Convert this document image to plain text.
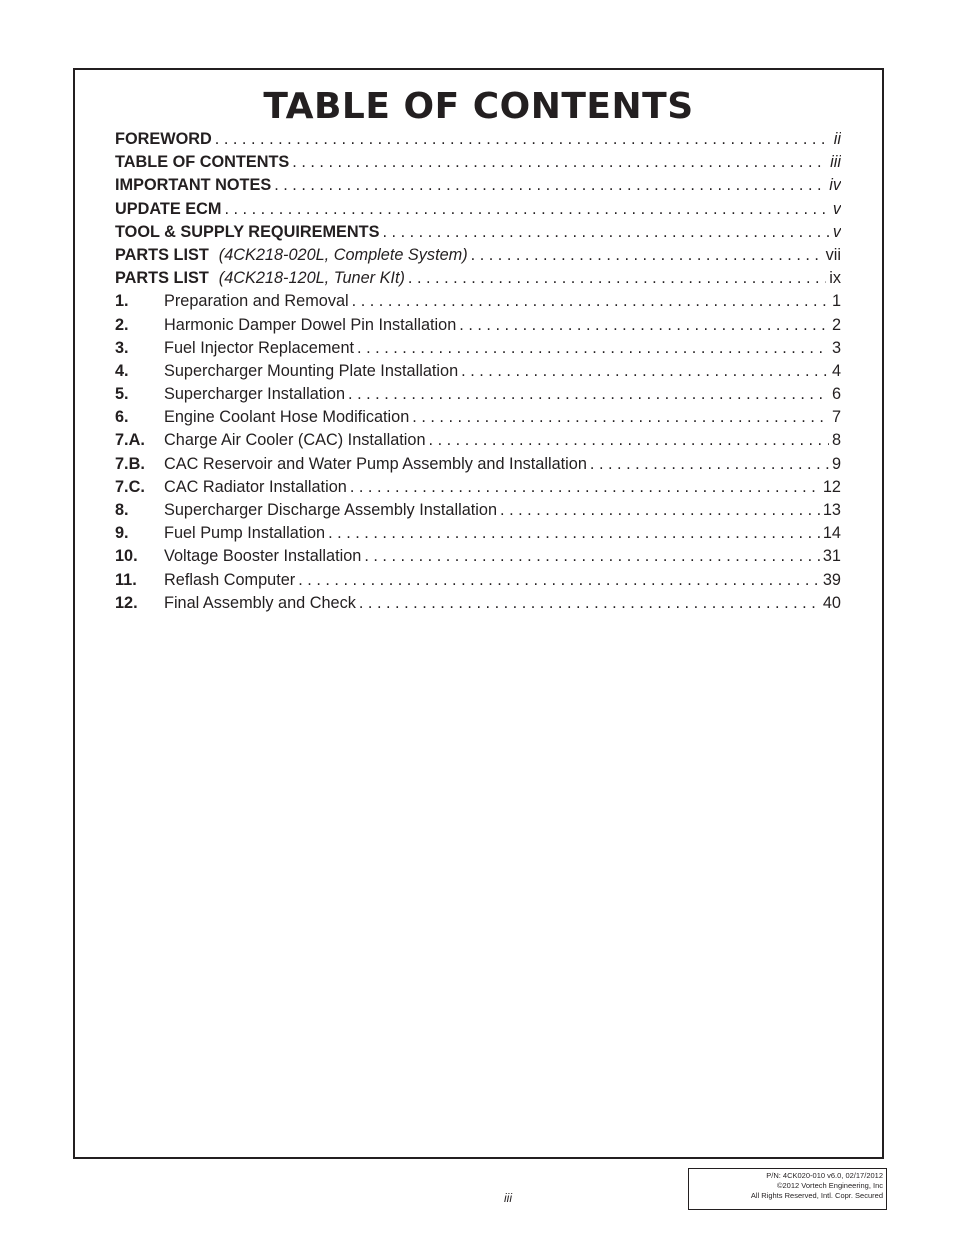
TABLE OF CONTENTS
FOREWORD . . .	ii
TABLE OF CONTENTS . . .	iii
IMPORTANT NOTES . . .	iv
UPDATE ECM . . .	v
TOOL & SUPPLY REQUIREMENTS . . .	v
PARTS LIST (4CK218-020L, Complete System) . . .	vii
PARTS LIST (4CK218-120L, Tuner KIt) . . .	ix
1.	Preparation and Removal . . .	1
2.	Harmonic Damper Dowel Pin Installation . . .	2
3.	Fuel Injector Replacement . . .	3
4.	Supercharger Mounting Plate Installation . . .	4
5.	Supercharger Installation . . .	6
6.	Engine Coolant Hose Modification . . .	7
7.A.	Charge Air Cooler (CAC) Installation . . .	8
7.B.	CAC Reservoir and Water Pump Assembly and Installation . . .	9
7.C.	CAC Radiator Installation . . .	12
8.	Supercharger Discharge Assembly Installation . . .	13
9.	Fuel Pump Installation . . .	14
10.	Voltage Booster Installation . . .	31
11.	Reflash Computer . . .	39
12.	Final Assembly and Check . . .	40
iii
P/N: 4CK020-010 v6.0, 02/17/2012
©2012 Vortech Engineering, Inc
All Rights Reserved, Intl. Copr. Secured
